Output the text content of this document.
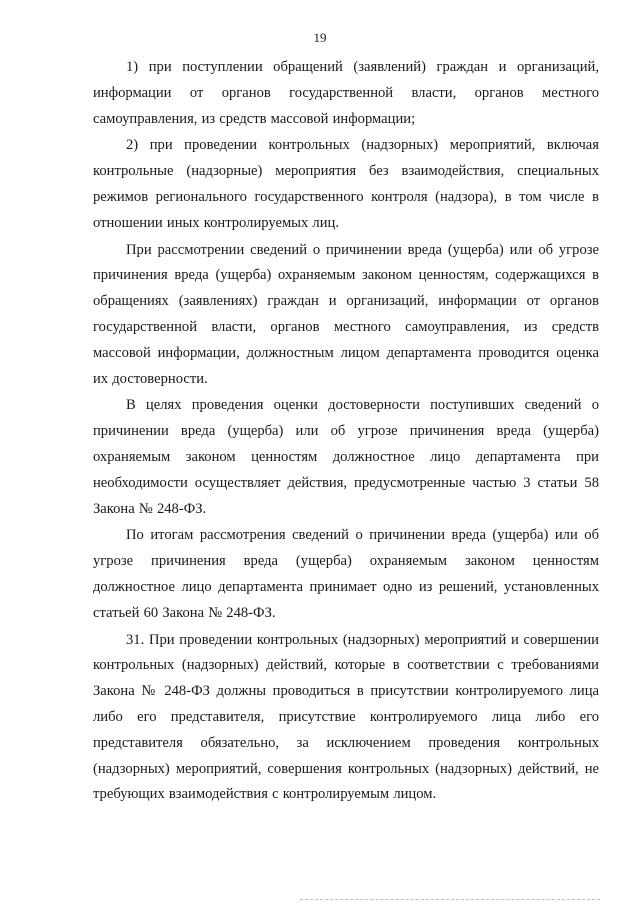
19

1) при поступлении обращений (заявлений) граждан и организаций, информации от органов государственной власти, органов местного самоуправления, из средств массовой информации;

2) при проведении контрольных (надзорных) мероприятий, включая контрольные (надзорные) мероприятия без взаимодействия, специальных режимов регионального государственного контроля (надзора), в том числе в отношении иных контролируемых лиц.

При рассмотрении сведений о причинении вреда (ущерба) или об угрозе причинения вреда (ущерба) охраняемым законом ценностям, содержащихся в обращениях (заявлениях) граждан и организаций, информации от органов государственной власти, органов местного самоуправления, из средств массовой информации, должностным лицом департамента проводится оценка их достоверности.

В целях проведения оценки достоверности поступивших сведений о причинении вреда (ущерба) или об угрозе причинения вреда (ущерба) охраняемым законом ценностям должностное лицо департамента при необходимости осуществляет действия, предусмотренные частью 3 статьи 58 Закона № 248-ФЗ.

По итогам рассмотрения сведений о причинении вреда (ущерба) или об угрозе причинения вреда (ущерба) охраняемым законом ценностям должностное лицо департамента принимает одно из решений, установленных статьей 60 Закона № 248-ФЗ.

31. При проведении контрольных (надзорных) мероприятий и совершении контрольных (надзорных) действий, которые в соответствии с требованиями Закона № 248-ФЗ должны проводиться в присутствии контролируемого лица либо его представителя, присутствие контролируемого лица либо его представителя обязательно, за исключением проведения контрольных (надзорных) мероприятий, совершения контрольных (надзорных) действий, не требующих взаимодействия с контролируемым лицом.
